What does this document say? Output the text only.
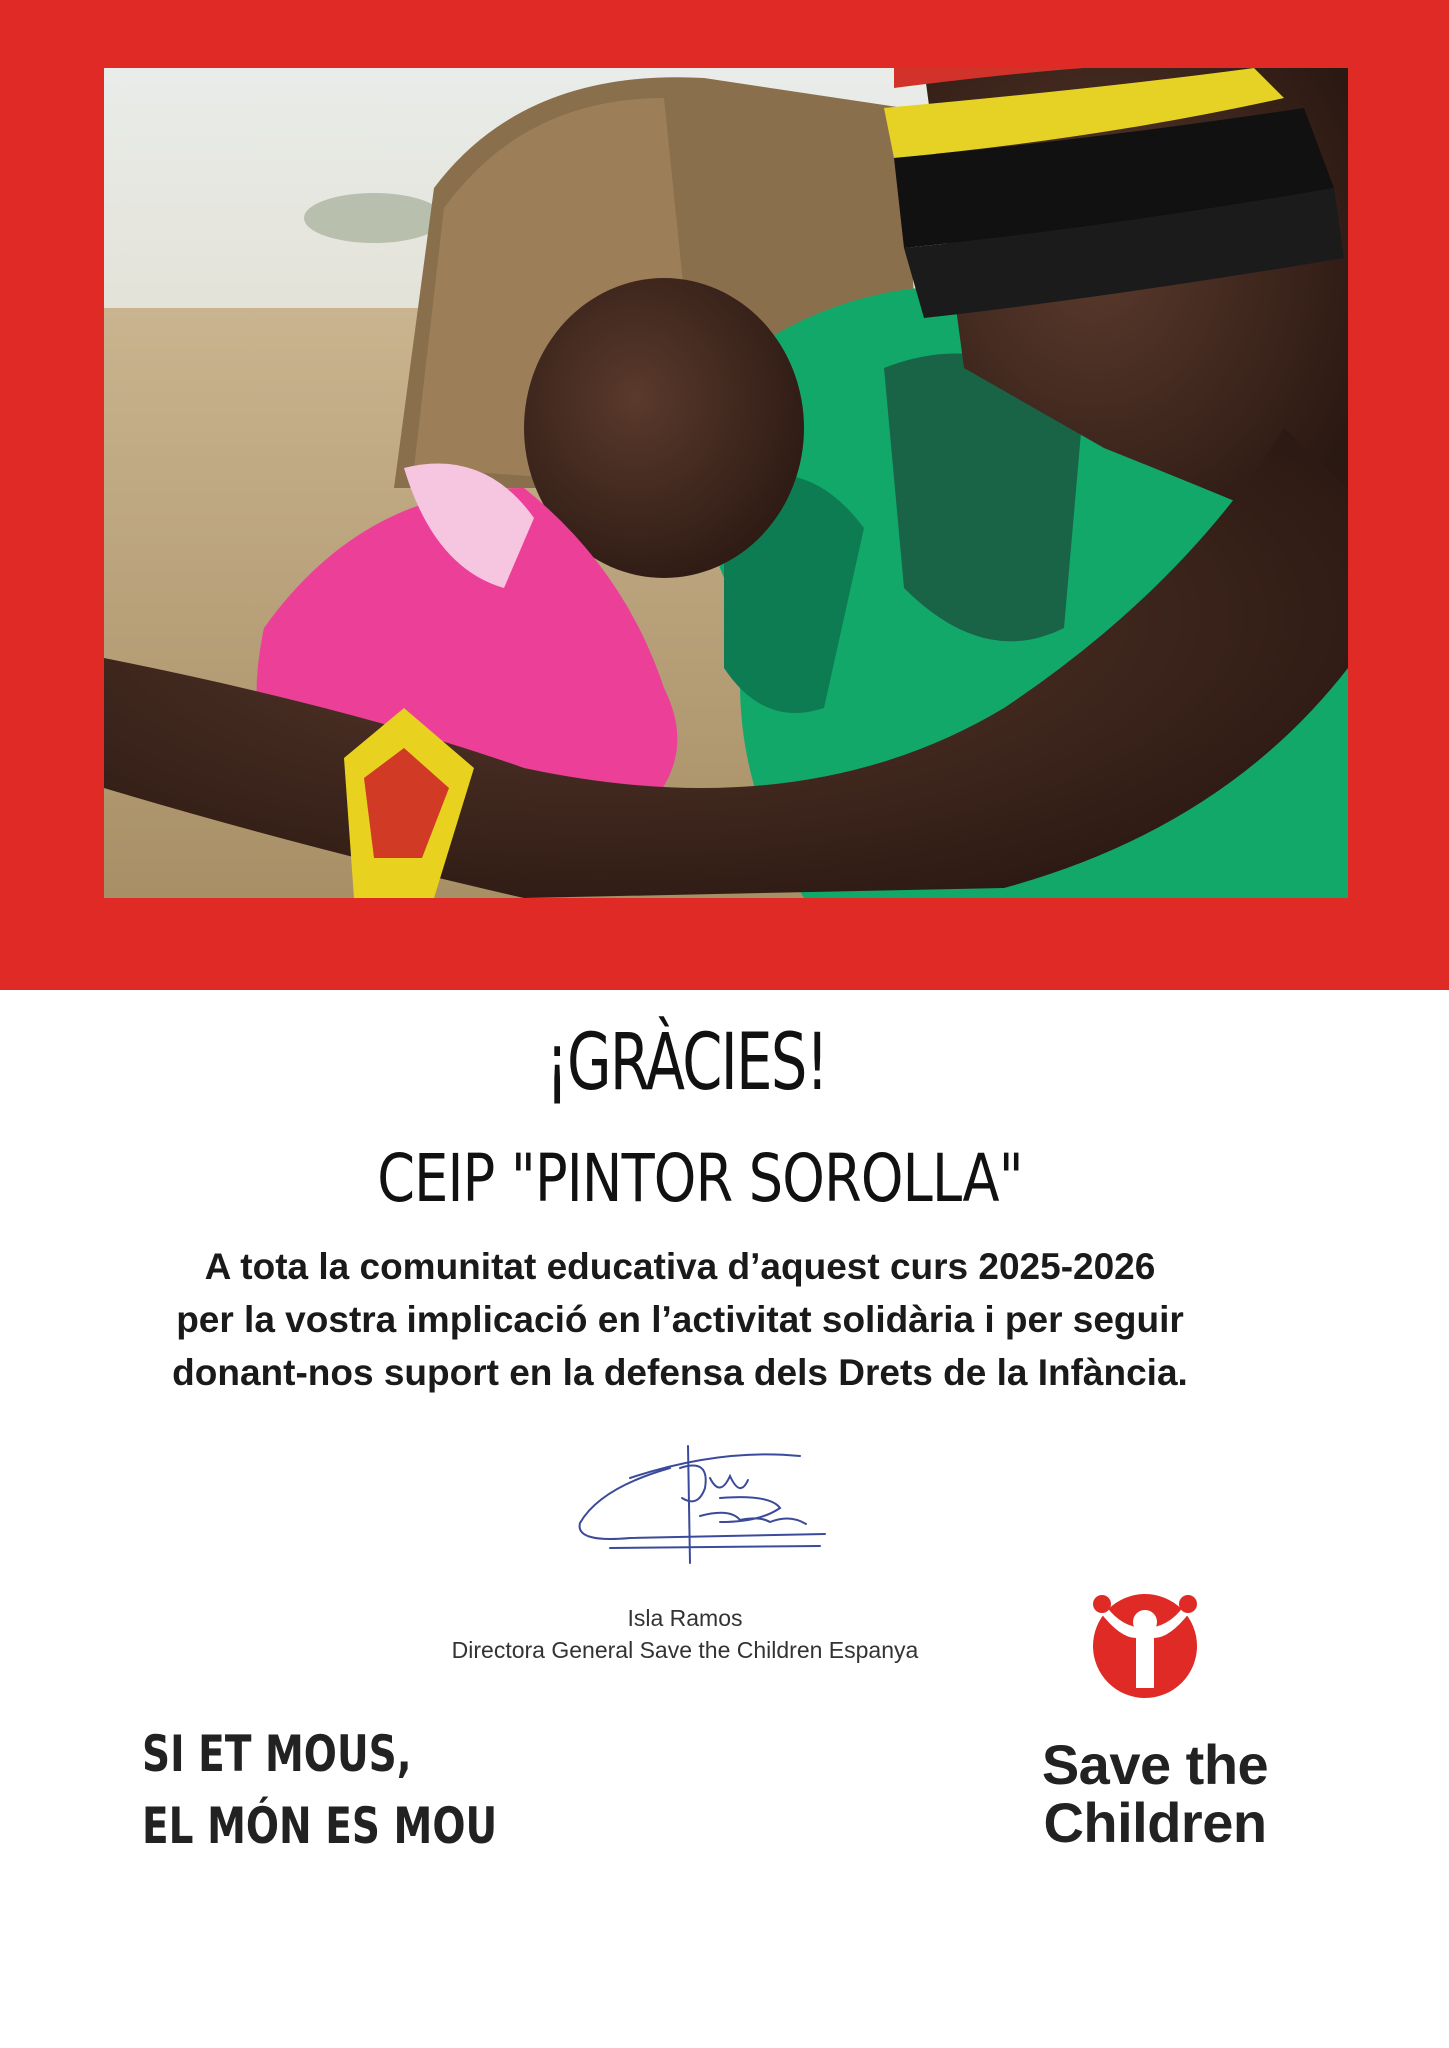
¡GRÀCIES!
CEIP "PINTOR SOROLLA"
A tota la comunitat educativa d’aquest curs 2025-2026
per la vostra implicació en l’activitat solidària i per seguir
donant-nos suport en la defensa dels Drets de la Infància.
Isla Ramos
Directora General Save the Children Espanya
SI ET MOUS,
EL MÓN ES MOU
Save the
Children
